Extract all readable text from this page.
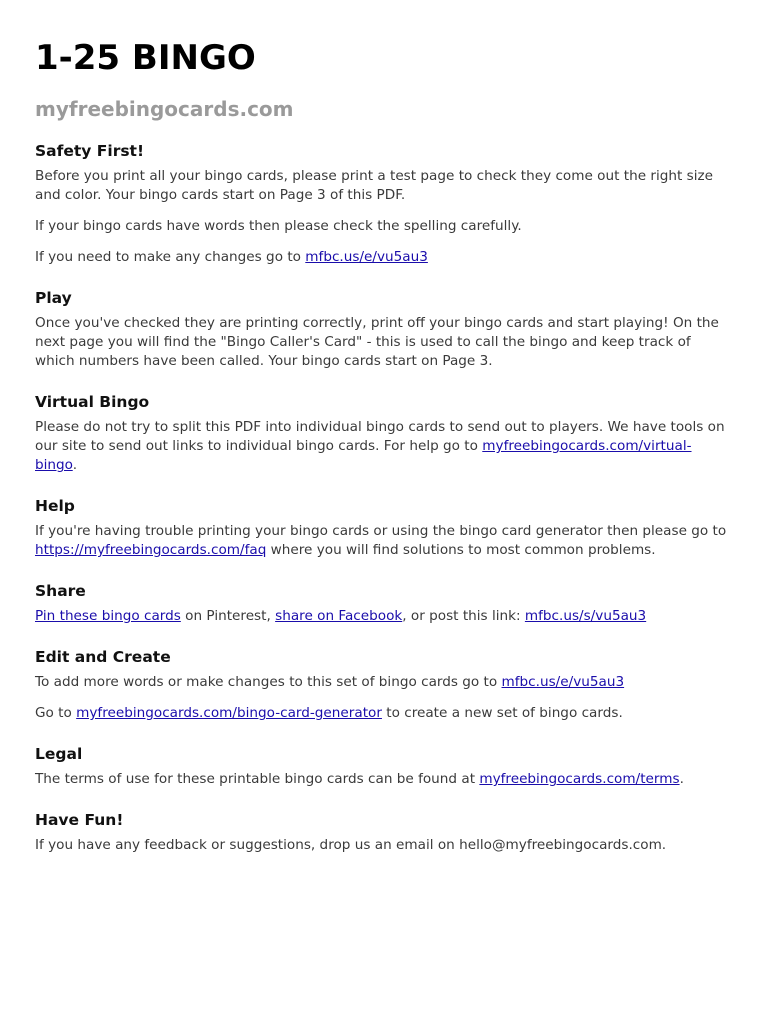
1-25 BINGO
myfreebingocards.com
Safety First!

Before you print all your bingo cards, please print a test page to check they come out the right size and color. Your bingo cards start on Page 3 of this PDF.

If your bingo cards have words then please check the spelling carefully.

If you need to make any changes go to mfbc.us/e/vu5au3

Play

Once you've checked they are printing correctly, print off your bingo cards and start playing! On the next page you will find the "Bingo Caller's Card" - this is used to call the bingo and keep track of which numbers have been called. Your bingo cards start on Page 3.

Virtual Bingo

Please do not try to split this PDF into individual bingo cards to send out to players. We have tools on our site to send out links to individual bingo cards. For help go to myfreebingocards.com/virtual-bingo.

Help

If you're having trouble printing your bingo cards or using the bingo card generator then please go to https://myfreebingocards.com/faq where you will find solutions to most common problems.

Share

Pin these bingo cards on Pinterest, share on Facebook, or post this link: mfbc.us/s/vu5au3

Edit and Create

To add more words or make changes to this set of bingo cards go to mfbc.us/e/vu5au3

Go to myfreebingocards.com/bingo-card-generator to create a new set of bingo cards.

Legal

The terms of use for these printable bingo cards can be found at myfreebingocards.com/terms.

Have Fun!

If you have any feedback or suggestions, drop us an email on hello@myfreebingocards.com.
